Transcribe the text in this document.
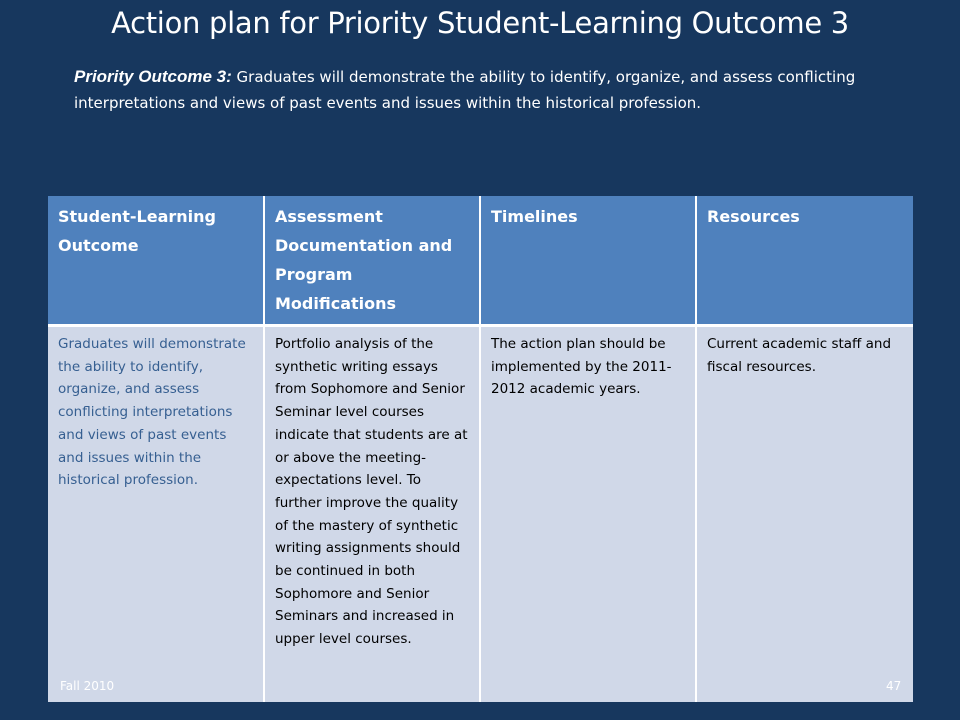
Action plan for Priority Student-Learning Outcome 3
Priority Outcome 3: Graduates will demonstrate the ability to identify, organize, and assess conflicting interpretations and views of past events and issues within the historical profession.
Student-Learning Outcome	Assessment Documentation and Program Modifications	Timelines	Resources
Graduates will demonstrate the ability to identify, organize, and assess conflicting interpretations and views of past events and issues within the historical profession.	Portfolio analysis of the synthetic writing essays from Sophomore and Senior Seminar level courses indicate that students are at or above the meeting-expectations level. To further improve the quality of the mastery of synthetic writing assignments should be continued in both Sophomore and Senior Seminars and increased in upper level courses.	The action plan should be implemented by the 2011-2012 academic years.	Current academic staff and fiscal resources.
Fall 2010	47
